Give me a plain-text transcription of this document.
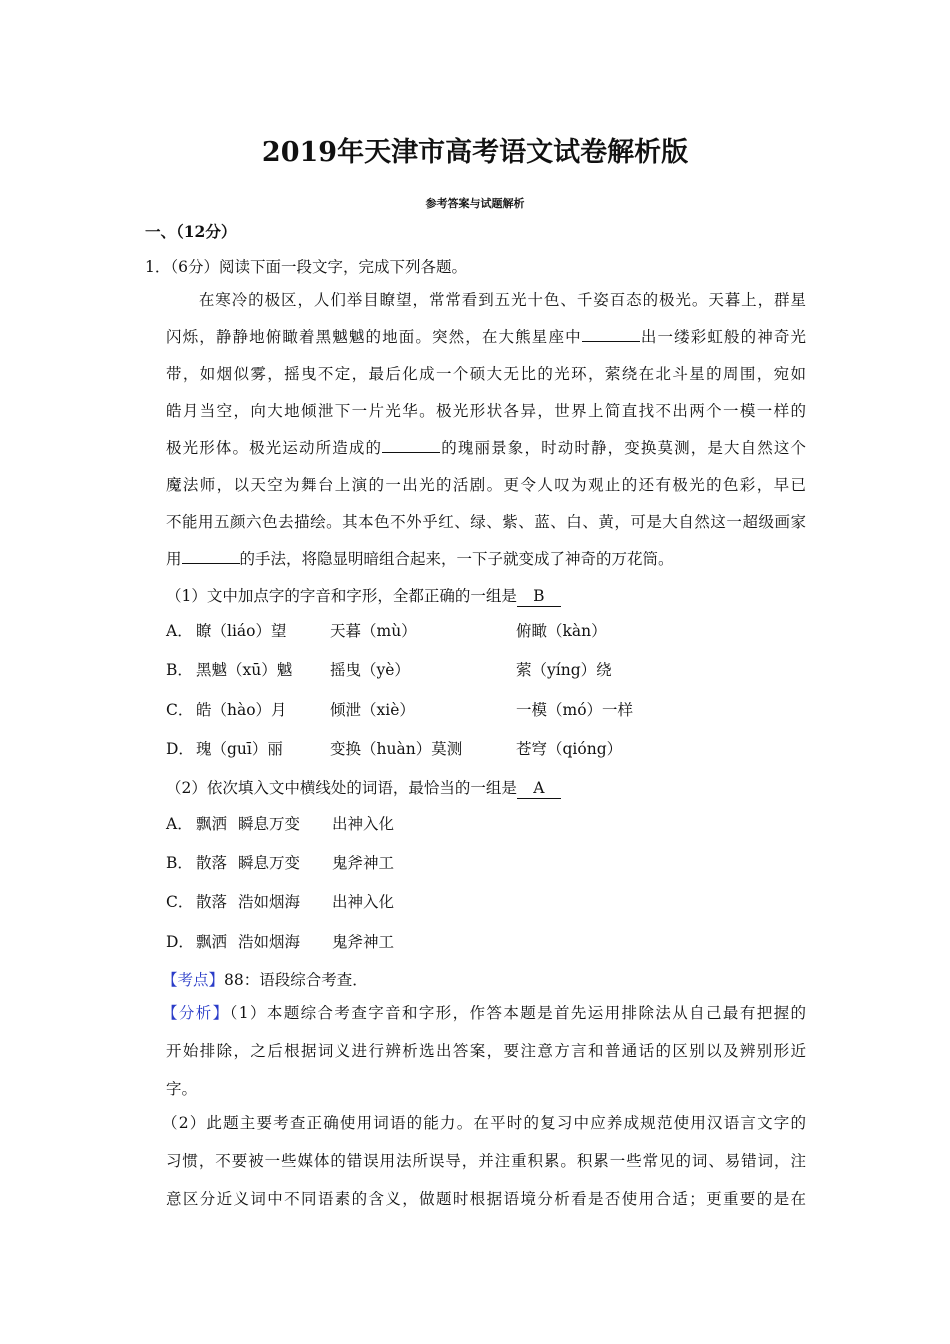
2019年天津市高考语文试卷解析版
参考答案与试题解析
一、（12分）
1．（6分）阅读下面一段文字，完成下列各题。
　　在寒冷的极区，人们举目瞭望，常常看到五光十色、千姿百态的极光。天暮上，群星
闪烁，静静地俯瞰着黑魆魆的地面。突然，在大熊星座中	出一缕彩虹般的神奇光
带，如烟似雾，摇曳不定，最后化成一个硕大无比的光环，萦绕在北斗星的周围，宛如
皓月当空，向大地倾泄下一片光华。极光形状各异，世界上简直找不出两个一模一样的
极光形体。极光运动所造成的	的瑰丽景象，时动时静，变换莫测，是大自然这个
魔法师，以天空为舞台上演的一出光的活剧。更令人叹为观止的还有极光的色彩，早已
不能用五颜六色去描绘。其本色不外乎红、绿、紫、蓝、白、黄，可是大自然这一超级画家
用	的手法，将隐显明暗组合起来，一下子就变成了神奇的万花筒。
（1）文中加点字的字音和字形，全都正确的一组是 B
A． 瞭（liáo）望	天暮（mù）	俯瞰（kàn）
B． 黑魆（xū）魆 摇曳（yè）	萦（yíng）绕
C． 皓（hào）月	倾泄（xiè）	一模（mó）一样
D． 瑰（guī）丽	变换（huàn）莫测	苍穹（qióng）
（2）依次填入文中横线处的词语，最恰当的一组是 A
A． 飘洒 瞬息万变 出神入化
B． 散落 瞬息万变 鬼斧神工
C． 散落 浩如烟海 出神入化
D． 飘洒 浩如烟海 鬼斧神工
【考点】88：语段综合考查．
【分析】（1）本题综合考查字音和字形，作答本题是首先运用排除法从自己最有把握的
开始排除，之后根据词义进行辨析选出答案，要注意方言和普通话的区别以及辨别形近
字。
（2）此题主要考查正确使用词语的能力。在平时的复习中应养成规范使用汉语言文字的
习惯，不要被一些媒体的错误用法所误导，并注重积累。积累一些常见的词、易错词，注
意区分近义词中不同语素的含义，做题时根据语境分析看是否使用合适；更重要的是在
